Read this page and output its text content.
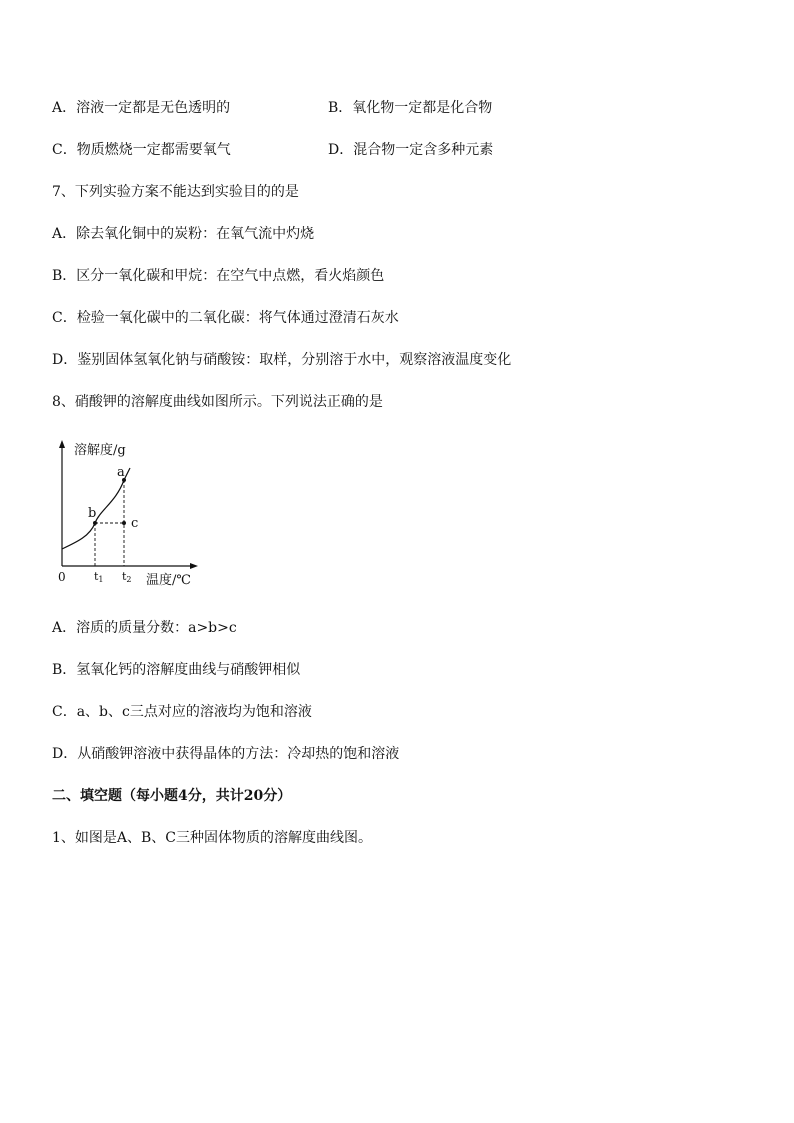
A．溶液一定都是无色透明的	B．氧化物一定都是化合物
C．物质燃烧一定都需要氧气	D．混合物一定含多种元素
7、下列实验方案不能达到实验目的的是
A．除去氧化铜中的炭粉：在氧气流中灼烧
B．区分一氧化碳和甲烷：在空气中点燃，看火焰颜色
C．检验一氧化碳中的二氧化碳：将气体通过澄清石灰水
D．鉴别固体氢氧化钠与硝酸铵：取样，分别溶于水中，观察溶液温度变化
8、硝酸钾的溶解度曲线如图所示。下列说法正确的是
溶解度/g
a
b
c
0	t1 t2 温度/℃
A．溶质的质量分数：a>b>c
B．氢氧化钙的溶解度曲线与硝酸钾相似
C．a、b、c三点对应的溶液均为饱和溶液
D．从硝酸钾溶液中获得晶体的方法：冷却热的饱和溶液
二、填空题（每小题4分，共计20分）
1、如图是A、B、C三种固体物质的溶解度曲线图。
